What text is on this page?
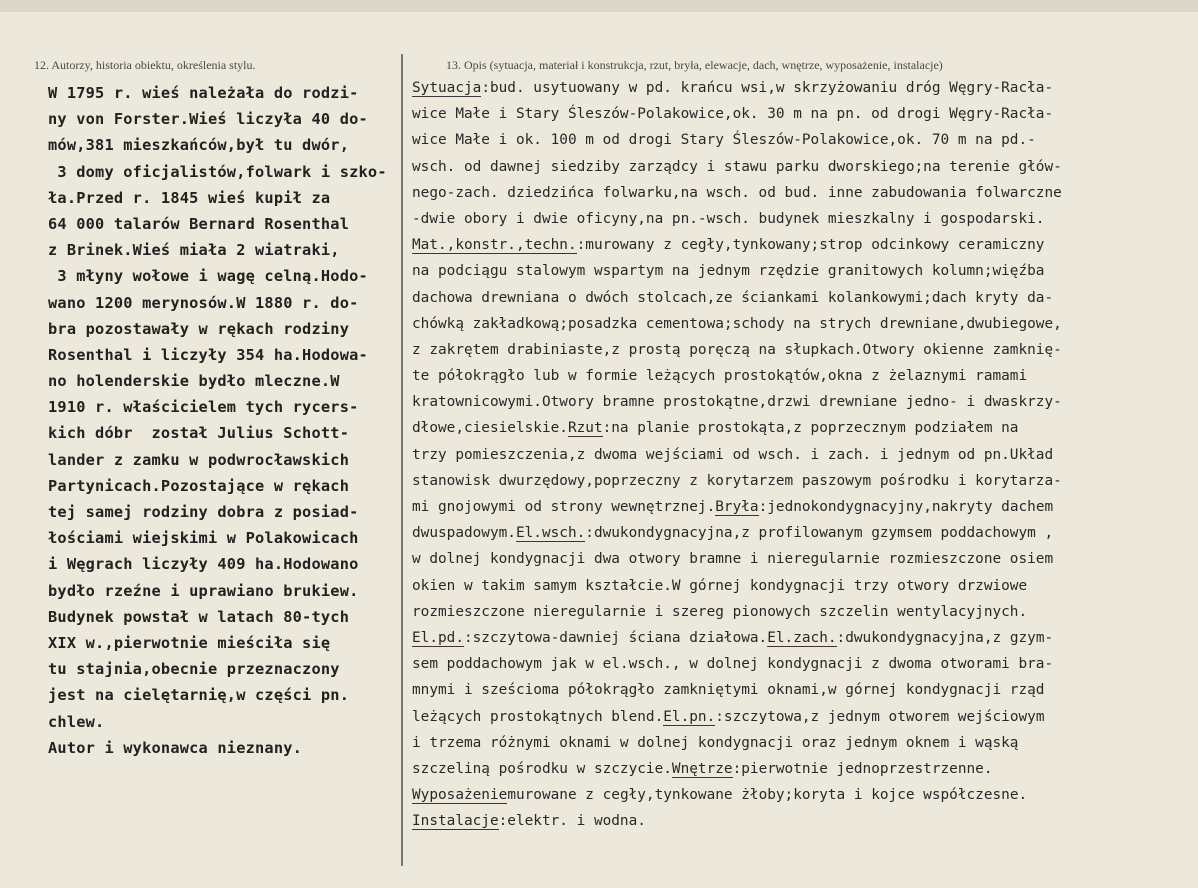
12. Autorzy, historia obiektu, określenia stylu.	13. Opis (sytuacja, materiał i konstrukcja, rzut, bryła, elewacje, dach, wnętrze, wyposażenie, instalacje)
W 1795 r. wieś należała do rodzi-
ny von Forster.Wieś liczyła 40 do-
mów,381 mieszkańców,był tu dwór,
3 domy oficjalistów,folwark i szko-
ła.Przed r. 1845 wieś kupił za
64 000 talarów Bernard Rosenthal
z Brinek.Wieś miała 2 wiatraki,
3 młyny wołowe i wagę celną.Hodo-
wano 1200 merynosów.W 1880 r. do-
bra pozostawały w rękach rodziny
Rosenthal i liczyły 354 ha.Hodowa-
no holenderskie bydło mleczne.W
1910 r. właścicielem tych rycers-
kich dóbr  został Julius Schott-
lander z zamku w podwrocławskich
Partynicach.Pozostające w rękach
tej samej rodziny dobra z posiad-
łościami wiejskimi w Polakowicach
i Węgrach liczyły 409 ha.Hodowano
bydło rzeźne i uprawiano brukiew.
Budynek powstał w latach 80-tych
XIX w.,pierwotnie mieściła się
tu stajnia,obecnie przeznaczony
jest na cielętarnię,w części pn.
chlew.
Autor i wykonawca nieznany.
Sytuacja:bud. usytuowany w pd. krańcu wsi,w skrzyżowaniu dróg Węgry-Racła-
wice Małe i Stary Śleszów-Polakowice,ok. 30 m na pn. od drogi Węgry-Racła-
wice Małe i ok. 100 m od drogi Stary Śleszów-Polakowice,ok. 70 m na pd.-
wsch. od dawnej siedziby zarządcy i stawu parku dworskiego;na terenie głów-
nego-zach. dziedzińca folwarku,na wsch. od bud. inne zabudowania folwarczne
-dwie obory i dwie oficyny,na pn.-wsch. budynek mieszkalny i gospodarski.
Mat.,konstr.,techn.:murowany z cegły,tynkowany;strop odcinkowy ceramiczny
na podciągu stalowym wspartym na jednym rzędzie granitowych kolumn;więźba
dachowa drewniana o dwóch stolcach,ze ściankami kolankowymi;dach kryty da-
chówką zakładkową;posadzka cementowa;schody na strych drewniane,dwubiegowe,
z zakrętem drabiniaste,z prostą poręczą na słupkach.Otwory okienne zamknię-
te półokrągło lub w formie leżących prostokątów,okna z żelaznymi ramami
kratownicowymi.Otwory bramne prostokątne,drzwi drewniane jedno- i dwaskrzy-
dłowe,ciesielskie.Rzut:na planie prostokąta,z poprzecznym podziałem na
trzy pomieszczenia,z dwoma wejściami od wsch. i zach. i jednym od pn.Układ
stanowisk dwurzędowy,poprzeczny z korytarzem paszowym pośrodku i korytarza-
mi gnojowymi od strony wewnętrznej.Bryła:jednokondygnacyjny,nakryty dachem
dwuspadowym.El.wsch.:dwukondygnacyjna,z profilowanym gzymsem poddachowym ,
w dolnej kondygnacji dwa otwory bramne i nieregularnie rozmieszczone osiem
okien w takim samym kształcie.W górnej kondygnacji trzy otwory drzwiowe
rozmieszczone nieregularnie i szereg pionowych szczelin wentylacyjnych.
El.pd.:szczytowa-dawniej ściana działowa.El.zach.:dwukondygnacyjna,z gzym-
sem poddachowym jak w el.wsch., w dolnej kondygnacji z dwoma otworami bra-
mnymi i sześcioma półokrągło zamkniętymi oknami,w górnej kondygnacji rząd
leżących prostokątnych blend.El.pn.:szczytowa,z jednym otworem wejściowym
i trzema różnymi oknami w dolnej kondygnacji oraz jednym oknem i wąską
szczeliną pośrodku w szczycie.Wnętrze:pierwotnie jednoprzestrzenne.
Wyposażeniemurowane z cegły,tynkowane żłoby;koryta i kojce współczesne.
Instalacje:elektr. i wodna.
